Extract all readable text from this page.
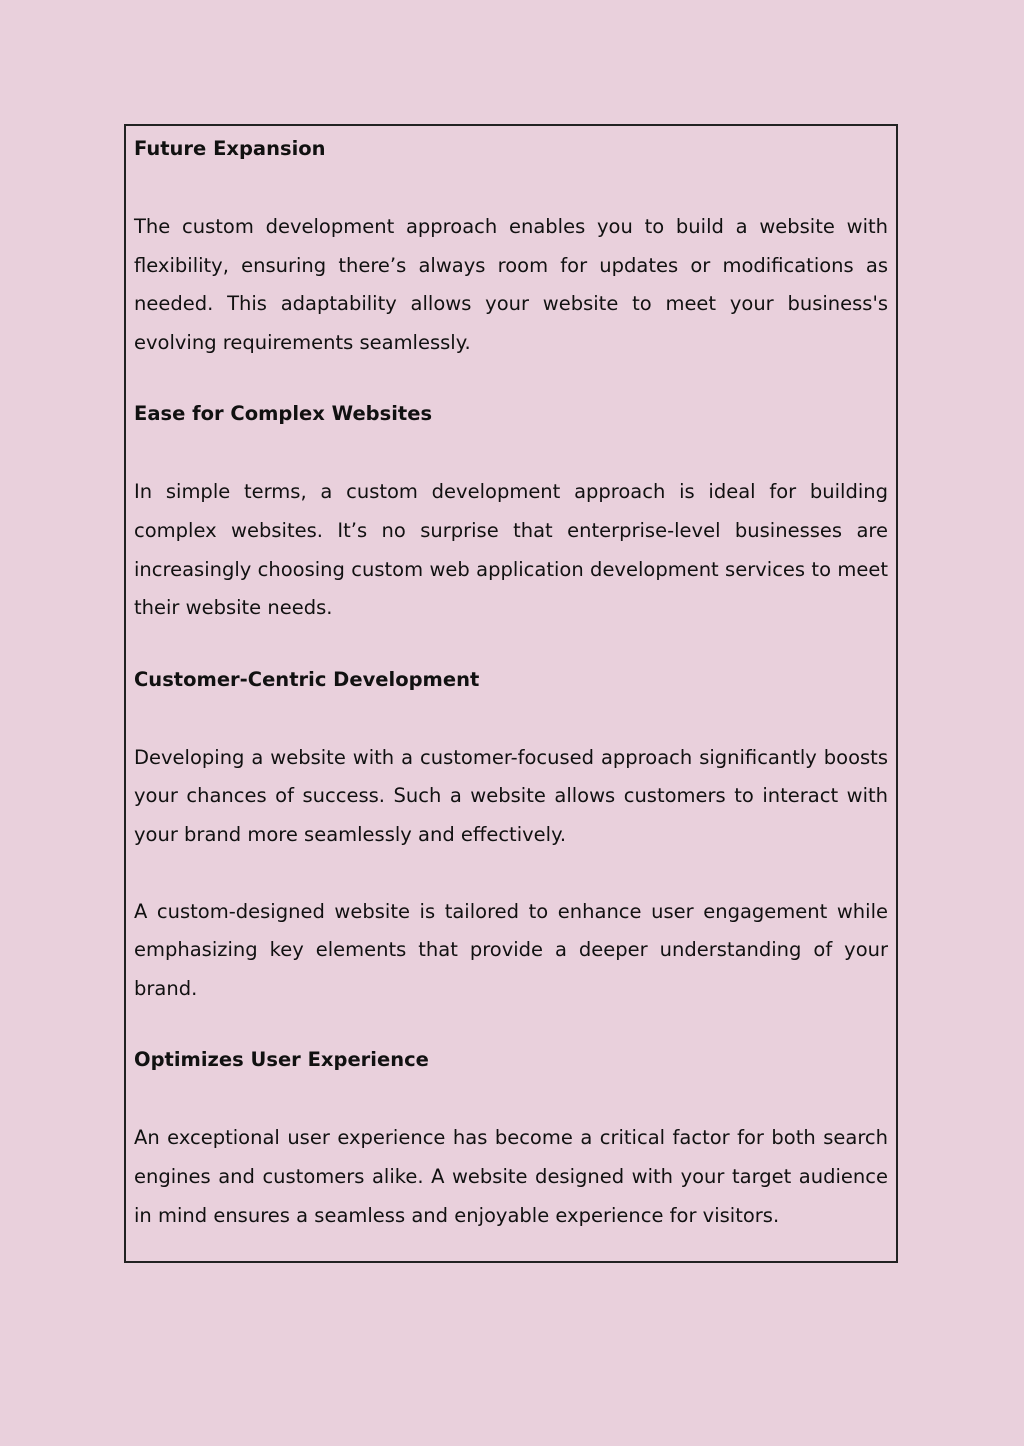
Future Expansion

The custom development approach enables you to build a website with flexibility, ensuring there’s always room for updates or modifications as needed. This adaptability allows your website to meet your business's evolving requirements seamlessly.

Ease for Complex Websites

In simple terms, a custom development approach is ideal for building complex websites. It’s no surprise that enterprise-level businesses are increasingly choosing custom web application development services to meet their website needs.

Customer-Centric Development

Developing a website with a customer-focused approach significantly boosts your chances of success. Such a website allows customers to interact with your brand more seamlessly and effectively.

A custom-designed website is tailored to enhance user engagement while emphasizing key elements that provide a deeper understanding of your brand.

Optimizes User Experience

An exceptional user experience has become a critical factor for both search engines and customers alike. A website designed with your target audience in mind ensures a seamless and enjoyable experience for visitors.
